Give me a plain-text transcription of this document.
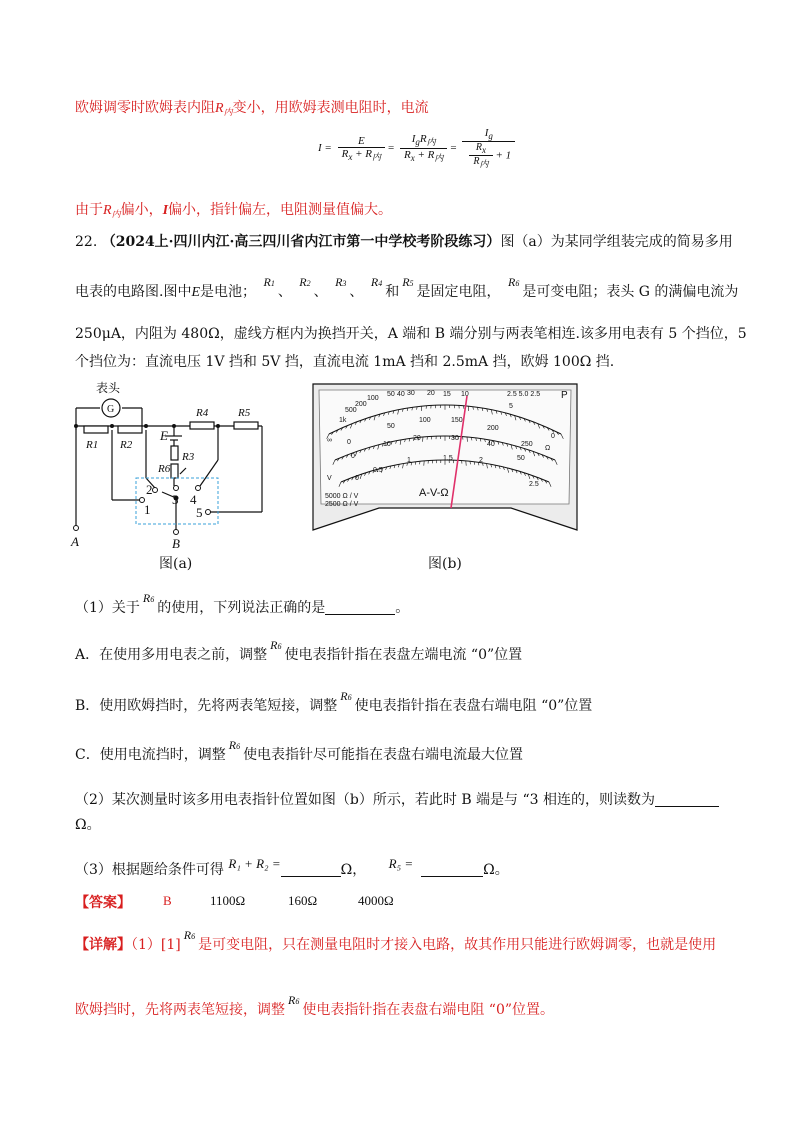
欧姆调零时欧姆表内阻$R_内$变小，用欧姆表测电阻时，电流
$I = \frac{E}{R_x + R_内} = \frac{I_gR_内}{R_x + R_内} = \frac{I_g}{\frac{Rx}{\text{R内}} + 1}$
由于$R_内$偏小，I偏小，指针偏左，电阻测量值偏大。
22. （2024上·四川内江·高三四川省内江市第一中学校考阶段练习）图（a）为某同学组装完成的简易多用
电表的电路图.图中E是电池； R1、 R2、 R3、 R4和R5是固定电阻， R6是可变电阻；表头 G 的满偏电流为
250μA，内阻为 480Ω，虚线方框内为换挡开关，A 端和 B 端分别与两表笔相连.该多用电表有 5 个挡位，5
个挡位为：直流电压 1V 挡和 5V 挡，直流电流 1mA 挡和 2.5mA 挡，欧姆 100Ω 挡.
表头
G
E
R1 R2
R3
R4	R5
R6
1
2
3 4
5
A	B
图(a)
∞
1k
500
200
100
50 40 30 20 15 10
5
0
0
50
100	150
200
250
0
10
20	30
40
50
0
0.5
1	1.5	2
2.5
2.5 5.0 2.5 P
Ω
V
A-V-Ω
5000 Ω / V
2500 Ω / V
图(b)
（1）关于R6的使用，下列说法正确的是	。
A．在使用多用电表之前，调整R6使电表指针指在表盘左端电流 “0”位置
B．使用欧姆挡时，先将两表笔短接，调整R6使电表指针指在表盘右端电阻 “0”位置
C．使用电流挡时，调整R6使电表指针尽可能指在表盘右端电流最大位置
（2）某次测量时该多用电表指针位置如图（b）所示，若此时 B 端是与 “3 相连的，则读数为
Ω。
（3）根据题给条件可得 R₁ + R₂ =	Ω， R₅ =	Ω。
【答案】 B	1100Ω	160Ω	4000Ω
【详解】（1）[1]R6是可变电阻，只在测量电阻时才接入电路，故其作用只能进行欧姆调零，也就是使用
欧姆挡时，先将两表笔短接，调整R6使电表指针指在表盘右端电阻 “0”位置。
